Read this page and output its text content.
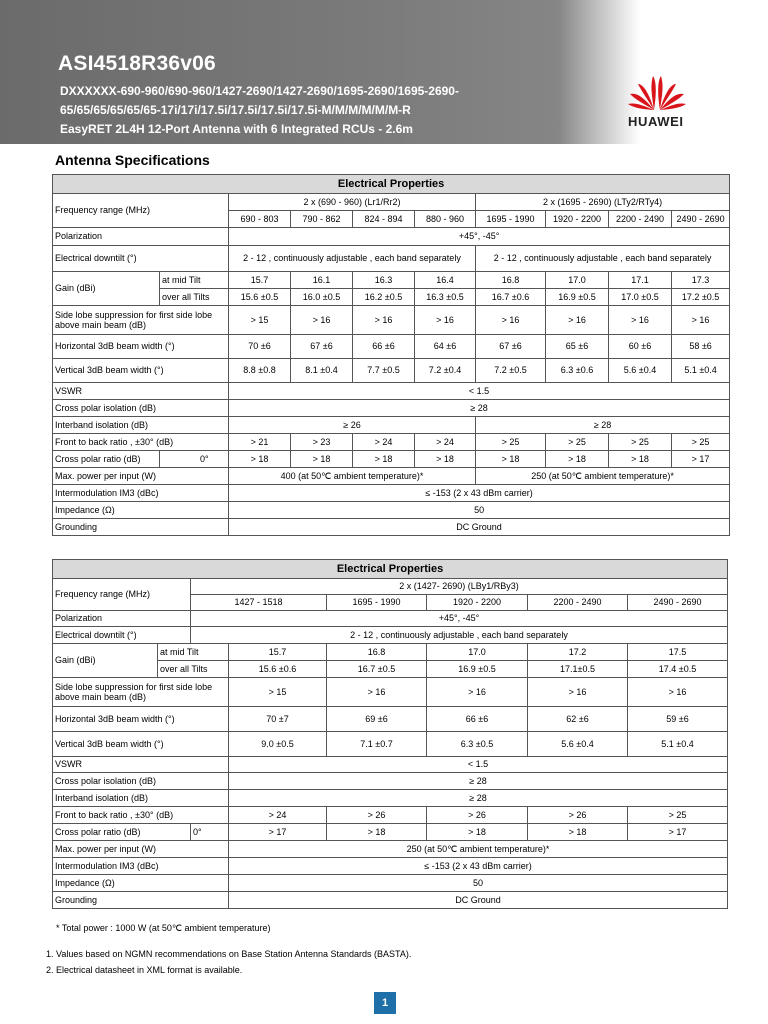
ASI4518R36v06
DXXXXXX-690-960/690-960/1427-2690/1427-2690/1695-2690/1695-2690-
65/65/65/65/65/65-17i/17i/17.5i/17.5i/17.5i/17.5i-M/M/M/M/M/M-R
EasyRET 2L4H 12-Port Antenna with 6 Integrated RCUs - 2.6m	HUAWEI
Antenna Specifications
Electrical Properties									
Frequency range (MHz)		2 x (690 - 960) (Lr1/Rr2)				2 x (1695 - 2690) (LTy2/RTy4)			
		690 - 803	790 - 862	824 - 894	880 - 960	1695 - 1990	1920 - 2200	2200 - 2490	2490 - 2690
Polarization		+45°, -45°							
Electrical downtilt (°)		2 - 12 , continuously adjustable , each band separately				2 - 12 , continuously adjustable , each band separately			
Gain (dBi)	at mid Tilt	15.7	16.1	16.3	16.4	16.8	17.0	17.1	17.3
	over all Tilts	15.6 ±0.5	16.0 ±0.5	16.2 ±0.5	16.3 ±0.5	16.7 ±0.6	16.9 ±0.5	17.0 ±0.5	17.2 ±0.5
Side lobe suppression for first side lobe above main beam (dB)		> 15	> 16	> 16	> 16	> 16	> 16	> 16	> 16
Horizontal 3dB beam width (°)		70 ±6	67 ±6	66 ±6	64 ±6	67 ±6	65 ±6	60 ±6	58 ±6
Vertical 3dB beam width (°)		8.8 ±0.8	8.1 ±0.4	7.7 ±0.5	7.2 ±0.4	7.2 ±0.5	6.3 ±0.6	5.6 ±0.4	5.1 ±0.4
VSWR		< 1.5							
Cross polar isolation (dB)		≥ 28							
Interband isolation (dB)		≥ 26				≥ 28			
Front to back ratio , ±30° (dB)		> 21	> 23	> 24	> 24	> 25	> 25	> 25	> 25
Cross polar ratio (dB)	0°	> 18	> 18	> 18	> 18	> 18	> 18	> 18	> 17
Max. power per input (W)		400 (at 50℃ ambient temperature)*				250 (at 50℃ ambient temperature)*			
Intermodulation IM3 (dBc)		≤ -153 (2 x 43 dBm carrier)							
Impedance (Ω)		50							
Grounding		DC Ground							
Electrical Properties							
Frequency range (MHz)		2 x (1427- 2690) (LBy1/RBy3)					
		1427 - 1518		1695 - 1990	1920 - 2200	2200 - 2490	2490 - 2690
Polarization		+45°, -45°					
Electrical downtilt (°)		2 - 12 , continuously adjustable , each band separately					
Gain (dBi)	at mid Tilt		15.7	16.8	17.0	17.2	17.5
	over all Tilts		15.6 ±0.6	16.7 ±0.5	16.9 ±0.5	17.1±0.5	17.4 ±0.5
Side lobe suppression for first side lobe above main beam (dB)			> 15	> 16	> 16	> 16	> 16
Horizontal 3dB beam width (°)			70 ±7	69 ±6	66 ±6	62 ±6	59 ±6
Vertical 3dB beam width (°)			9.0 ±0.5	7.1 ±0.7	6.3 ±0.5	5.6 ±0.4	5.1 ±0.4
VSWR			< 1.5				
Cross polar isolation (dB)			≥ 28				
Interband isolation (dB)			≥ 28				
Front to back ratio , ±30° (dB)			> 24	> 26	> 26	> 26	> 25
Cross polar ratio (dB)		0°	> 17	> 18	> 18	> 18	> 17
Max. power per input (W)			250 (at 50℃ ambient temperature)*				
Intermodulation IM3 (dBc)			≤ -153 (2 x 43 dBm carrier)				
Impedance (Ω)			50				
Grounding			DC Ground				
* Total power : 1000 W (at 50℃ ambient temperature)
1. Values based on NGMN recommendations on Base Station Antenna Standards (BASTA).
2. Electrical datasheet in XML format is available.
1
